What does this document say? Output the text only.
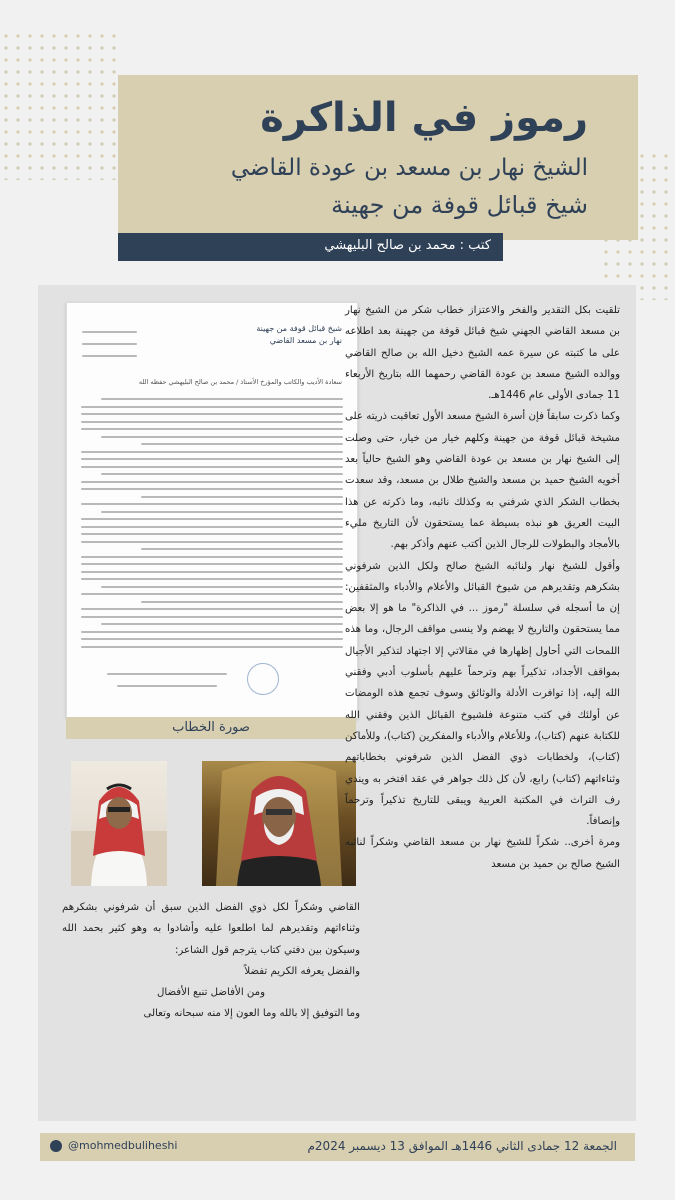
رموز في الذاكرة
الشيخ نهار بن مسعد بن عودة القاضي
شيخ قبائل قوفة من جهينة
كتب : محمد بن صالح البليهشي
شيخ قبائل قوفة من جهينة
نهار بن مسعد القاضي
سعادة الأديب والكاتب والمؤرخ الأستاذ / محمد بن صالح البليهشي حفظه الله
صورة الخطاب

تلقيت بكل التقدير والفخر والاعتزاز خطاب شكر من الشيخ نهار بن مسعد القاضي الجهني شيخ قبائل قوفة من جهينة بعد اطلاعه على ما كتبته عن سيرة عمه الشيخ دخيل الله بن صالح القاضي ووالده الشيخ مسعد بن عودة القاضي رحمهما الله بتاريخ الأربعاء 11 جمادى الأولى عام 1446هـ.

وكما ذكرت سابقاً فإن أسرة الشيخ مسعد الأول تعاقبت ذريته على مشيخة قبائل قوفة من جهينة وكلهم خيار من خيار، حتى وصلت إلى الشيخ نهار بن مسعد بن عودة القاضي وهو الشيخ حالياً بعد أخويه الشيخ حميد بن مسعد والشيخ طلال بن مسعد، وقد سعدت بخطاب الشكر الذي شرفني به وكذلك نائبه، وما ذكرته عن هذا البيت العريق هو نبذه بسيطة عما يستحقون لأن التاريخ مليء بالأمجاد والبطولات للرجال الذين أكتب عنهم وأذكر بهم.

وأقول للشيخ نهار ولنائبه الشيخ صالح ولكل الذين شرفوني بشكرهم وتقديرهم من شيوخ القبائل والأعلام والأدباء والمثقفين: إن ما أسجله في سلسلة "رموز ... في الذاكرة" ما هو إلا بعض مما يستحقون والتاريخ لا يهضم ولا ينسى مواقف الرجال، وما هذه اللمحات التي أحاول إظهارها في مقالاتي إلا اجتهاد لتذكير الأجيال بمواقف الأجداد، تذكيراً بهم وترحماً عليهم بأسلوب أدبي وفقني الله إليه، إذا توافرت الأدلة والوثائق وسوف تجمع هذه الومضات عن أولئك في كتب متنوعة فلشيوخ القبائل الذين وفقني الله للكتابة عنهم (كتاب)، وللأعلام والأدباء والمفكرين (كتاب)، وللأماكن (كتاب)، ولخطابات ذوي الفضل الذين شرفوني بخطاباتهم وثناءاتهم (كتاب) رابع، لأن كل ذلك جواهر في عقد افتخر به ويندي رف التراث في المكتبة العربية ويبقى للتاريخ تذكيراً وترحماً وإنصافاً.

ومرة أخرى.. شكراً للشيخ نهار بن مسعد القاضي وشكراً لنائبه الشيخ صالح بن حميد بن مسعد

القاضي وشكراً لكل ذوي الفضل الذين سبق أن شرفوني بشكرهم وثناءاتهم وتقديرهم لما اطلعوا عليه وأشادوا به وهو كثير بحمد الله وسيكون بين دفتي كتاب يترجم قول الشاعر:

والفضل يعرفه الكريم تفضلاً

ومن الأفاضل تنبع الأفضال

وما التوفيق إلا بالله وما العون إلا منه سبحانه وتعالى

@mohmedbuliheshi	الجمعة 12 جمادى الثاني 1446هـ الموافق 13 ديسمبر 2024م
